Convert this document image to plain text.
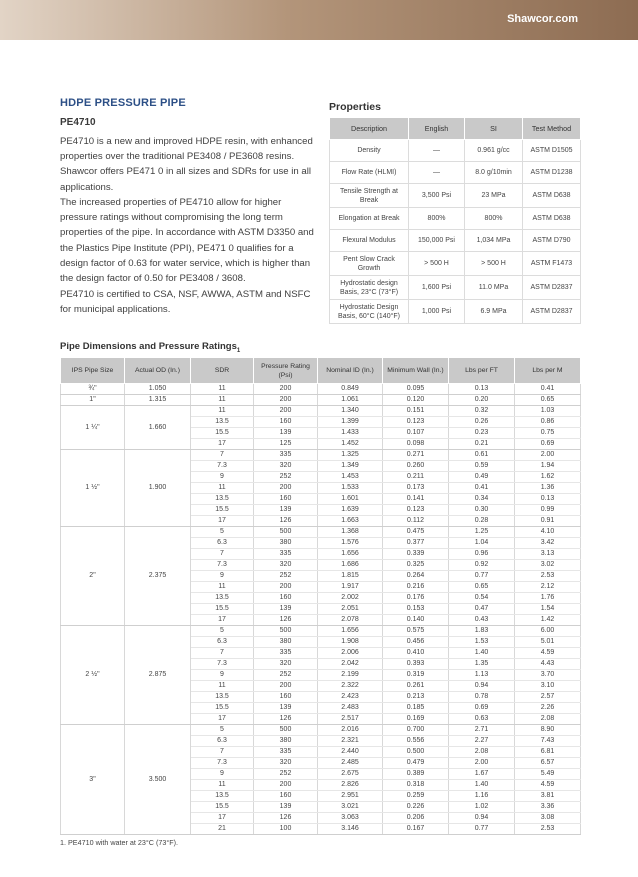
Shawcor.com
HDPE PRESSURE PIPE
PE4710

PE4710 is a new and improved HDPE resin, with enhanced properties over the traditional PE3408 / PE3608 resins. Shawcor offers PE471 0 in all sizes and SDRs for use in all applications.

The increased properties of PE4710 allow for higher pressure ratings without compromising the long term properties of the pipe. In accordance with ASTM D3350 and the Plastics Pipe Institute (PPI), PE471 0 qualifies for a design factor of 0.63 for water service, which is higher than the design factor of 0.50 for PE3408 / 3608.

PE4710 is certified to CSA, NSF, AWWA, ASTM and NSFC for municipal applications.

Properties
Description	English	SI	Test Method
Density	—	0.961 g/cc	ASTM D1505
Flow Rate (HLMI)	—	8.0 g/10min	ASTM D1238
Tensile Strength at Break	3,500 Psi	23 MPa	ASTM D638
Elongation at Break	800%	800%	ASTM D638
Flexural Modulus	150,000 Psi	1,034 MPa	ASTM D790
Pent Slow Crack Growth	> 500 H	> 500 H	ASTM F1473
Hydrostatic design Basis, 23°C (73°F)	1,600 Psi	11.0 MPa	ASTM D2837
Hydrostatic Design Basis, 60°C (140°F)	1,000 Psi	6.9 MPa	ASTM D2837
Pipe Dimensions and Pressure Ratings$_1$
IPS Pipe Size	Actual OD (In.)	SDR	Pressure Rating (Psi)	Nominal ID (In.)	Minimum Wall (In.)	Lbs per FT	Lbs per M
¾"	1.050	11	200	0.849	0.095	0.13	0.41
1"	1.315	11	200	1.061	0.120	0.20	0.65
1 ¼"	1.660	11	200	1.340	0.151	0.32	1.03
		13.5	160	1.399	0.123	0.26	0.86
		15.5	139	1.433	0.107	0.23	0.75
		17	125	1.452	0.098	0.21	0.69
1 ½"	1.900	7	335	1.325	0.271	0.61	2.00
		7.3	320	1.349	0.260	0.59	1.94
		9	252	1.453	0.211	0.49	1.62
		11	200	1.533	0.173	0.41	1.36
		13.5	160	1.601	0.141	0.34	0.13
		15.5	139	1.639	0.123	0.30	0.99
		17	126	1.663	0.112	0.28	0.91
2"	2.375	5	500	1.368	0.475	1.25	4.10
		6.3	380	1.576	0.377	1.04	3.42
		7	335	1.656	0.339	0.96	3.13
		7.3	320	1.686	0.325	0.92	3.02
		9	252	1.815	0.264	0.77	2.53
		11	200	1.917	0.216	0.65	2.12
		13.5	160	2.002	0.176	0.54	1.76
		15.5	139	2.051	0.153	0.47	1.54
		17	126	2.078	0.140	0.43	1.42
2 ½"	2.875	5	500	1.656	0.575	1.83	6.00
		6.3	380	1.908	0.456	1.53	5.01
		7	335	2.006	0.410	1.40	4.59
		7.3	320	2.042	0.393	1.35	4.43
		9	252	2.199	0.319	1.13	3.70
		11	200	2.322	0.261	0.94	3.10
		13.5	160	2.423	0.213	0.78	2.57
		15.5	139	2.483	0.185	0.69	2.26
		17	126	2.517	0.169	0.63	2.08
3"	3.500	5	500	2.016	0.700	2.71	8.90
		6.3	380	2.321	0.556	2.27	7.43
		7	335	2.440	0.500	2.08	6.81
		7.3	320	2.485	0.479	2.00	6.57
		9	252	2.675	0.389	1.67	5.49
		11	200	2.826	0.318	1.40	4.59
		13.5	160	2.951	0.259	1.16	3.81
		15.5	139	3.021	0.226	1.02	3.36
		17	126	3.063	0.206	0.94	3.08
		21	100	3.146	0.167	0.77	2.53
1. PE4710 with water at 23°C (73°F).
